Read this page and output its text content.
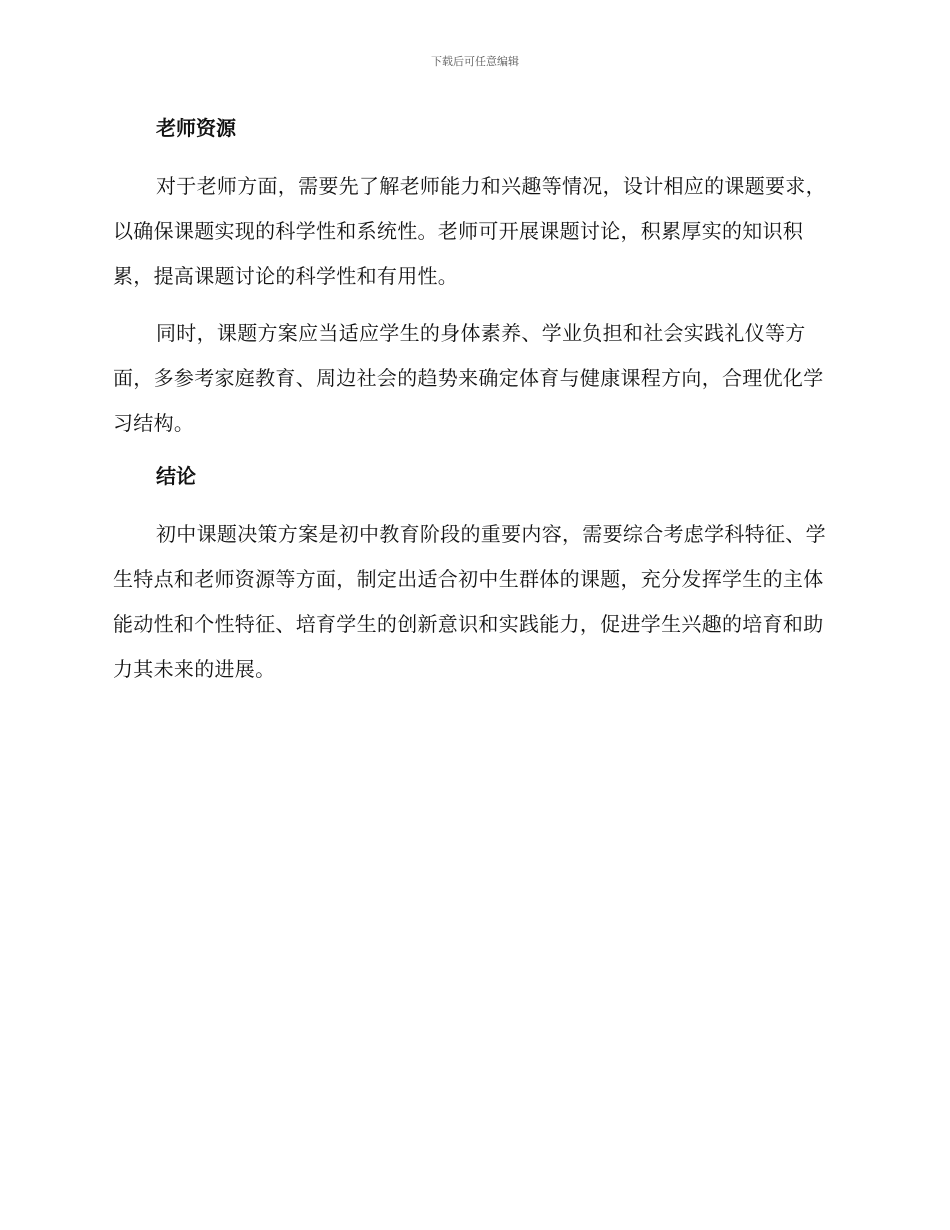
下载后可任意编辑
老师资源

对于老师方面，需要先了解老师能力和兴趣等情况，设计相应的课题要求，以确保课题实现的科学性和系统性。老师可开展课题讨论，积累厚实的知识积累，提高课题讨论的科学性和有用性。

同时，课题方案应当适应学生的身体素养、学业负担和社会实践礼仪等方面，多参考家庭教育、周边社会的趋势来确定体育与健康课程方向，合理优化学习结构。

结论

初中课题决策方案是初中教育阶段的重要内容，需要综合考虑学科特征、学生特点和老师资源等方面，制定出适合初中生群体的课题，充分发挥学生的主体能动性和个性特征、培育学生的创新意识和实践能力，促进学生兴趣的培育和助力其未来的进展。
